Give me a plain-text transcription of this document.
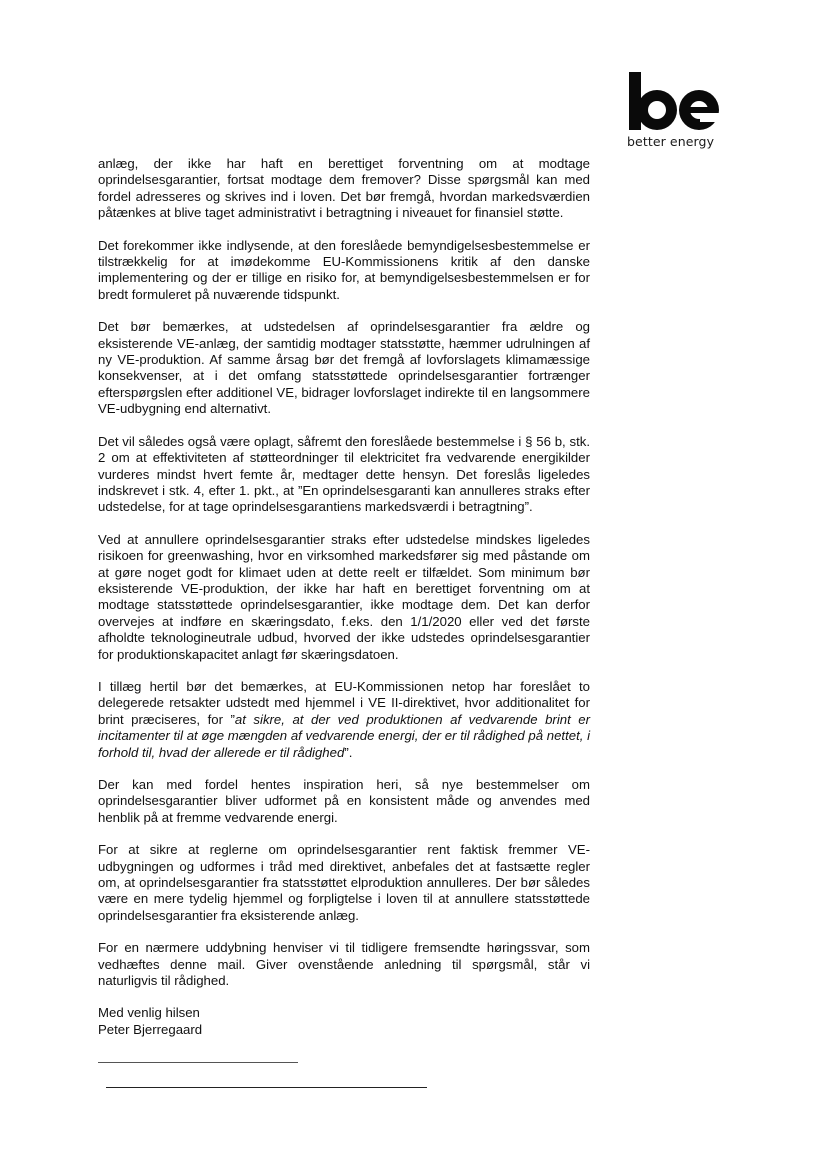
better energy

anlæg, der ikke har haft en berettiget forventning om at modtage oprindelsesgarantier, fortsat modtage dem fremover? Disse spørgsmål kan med fordel adresseres og skrives ind i loven. Det bør fremgå, hvordan markedsværdien påtænkes at blive taget administrativt i betragtning i niveauet for finansiel støtte.

Det forekommer ikke indlysende, at den foreslåede bemyndigelsesbestemmelse er tilstrækkelig for at imødekomme EU-Kommissionens kritik af den danske implementering og der er tillige en risiko for, at bemyndigelsesbestemmelsen er for bredt formuleret på nuværende tidspunkt.

Det bør bemærkes, at udstedelsen af oprindelsesgarantier fra ældre og eksisterende VE-anlæg, der samtidig modtager statsstøtte, hæmmer udrulningen af ny VE-produktion. Af samme årsag bør det fremgå af lovforslagets klimamæssige konsekvenser, at i det omfang statsstøttede oprindelsesgarantier fortrænger efterspørgslen efter additionel VE, bidrager lovforslaget indirekte til en langsommere VE-udbygning end alternativt.

Det vil således også være oplagt, såfremt den foreslåede bestemmelse i § 56 b, stk. 2 om at effektiviteten af støtteordninger til elektricitet fra vedvarende energikilder vurderes mindst hvert femte år, medtager dette hensyn. Det foreslås ligeledes indskrevet i stk. 4, efter 1. pkt., at ”En oprindelsesgaranti kan annulleres straks efter udstedelse, for at tage oprindelsesgarantiens markedsværdi i betragtning”.

Ved at annullere oprindelsesgarantier straks efter udstedelse mindskes ligeledes risikoen for greenwashing, hvor en virksomhed markedsfører sig med påstande om at gøre noget godt for klimaet uden at dette reelt er tilfældet. Som minimum bør eksisterende VE-produktion, der ikke har haft en berettiget forventning om at modtage statsstøttede oprindelsesgarantier, ikke modtage dem. Det kan derfor overvejes at indføre en skæringsdato, f.eks. den 1/1/2020 eller ved det første afholdte teknologineutrale udbud, hvorved der ikke udstedes oprindelsesgarantier for produktionskapacitet anlagt før skæringsdatoen.

I tillæg hertil bør det bemærkes, at EU-Kommissionen netop har foreslået to delegerede retsakter udstedt med hjemmel i VE II-direktivet, hvor additionalitet for brint præciseres, for ”at sikre, at der ved produktionen af vedvarende brint er incitamenter til at øge mængden af vedvarende energi, der er til rådighed på nettet, i forhold til, hvad der allerede er til rådighed”.

Der kan med fordel hentes inspiration heri, så nye bestemmelser om oprindelsesgarantier bliver udformet på en konsistent måde og anvendes med henblik på at fremme vedvarende energi.

For at sikre at reglerne om oprindelsesgarantier rent faktisk fremmer VE-udbygningen og udformes i tråd med direktivet, anbefales det at fastsætte regler om, at oprindelsesgarantier fra statsstøttet elproduktion annulleres. Der bør således være en mere tydelig hjemmel og forpligtelse i loven til at annullere statsstøttede oprindelsesgarantier fra eksisterende anlæg.

For en nærmere uddybning henviser vi til tidligere fremsendte høringssvar, som vedhæftes denne mail. Giver ovenstående anledning til spørgsmål, står vi naturligvis til rådighed.

Med venlig hilsen
Peter Bjerregaard
